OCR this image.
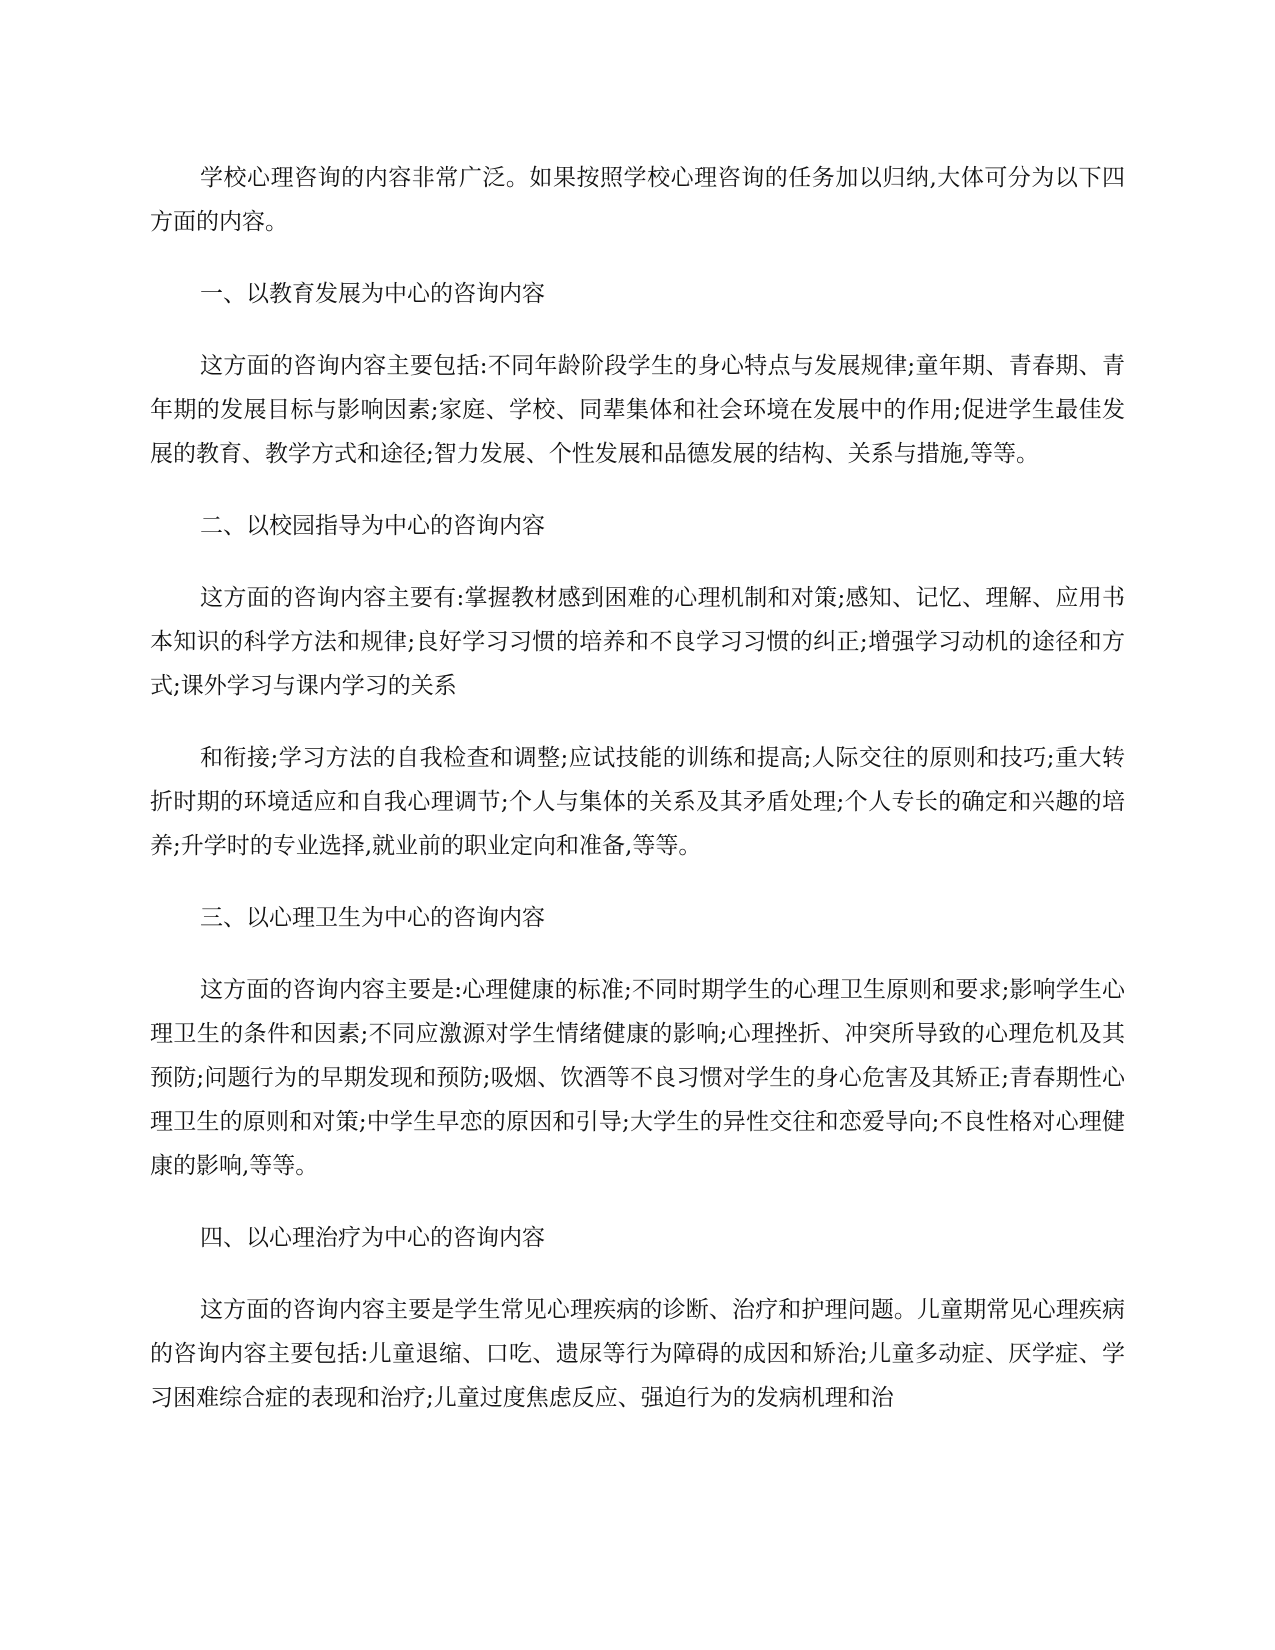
学校心理咨询的内容非常广泛。如果按照学校心理咨询的任务加以归纳,大体可分为以下四方面的内容。

一、以教育发展为中心的咨询内容

这方面的咨询内容主要包括:不同年龄阶段学生的身心特点与发展规律;童年期、青春期、青年期的发展目标与影响因素;家庭、学校、同辈集体和社会环境在发展中的作用;促进学生最佳发展的教育、教学方式和途径;智力发展、个性发展和品德发展的结构、关系与措施,等等。

二、以校园指导为中心的咨询内容

这方面的咨询内容主要有:掌握教材感到困难的心理机制和对策;感知、记忆、理解、应用书本知识的科学方法和规律;良好学习习惯的培养和不良学习习惯的纠正;增强学习动机的途径和方式;课外学习与课内学习的关系

和衔接;学习方法的自我检查和调整;应试技能的训练和提高;人际交往的原则和技巧;重大转折时期的环境适应和自我心理调节;个人与集体的关系及其矛盾处理;个人专长的确定和兴趣的培养;升学时的专业选择,就业前的职业定向和准备,等等。

三、以心理卫生为中心的咨询内容

这方面的咨询内容主要是:心理健康的标准;不同时期学生的心理卫生原则和要求;影响学生心理卫生的条件和因素;不同应激源对学生情绪健康的影响;心理挫折、冲突所导致的心理危机及其预防;问题行为的早期发现和预防;吸烟、饮酒等不良习惯对学生的身心危害及其矫正;青春期性心理卫生的原则和对策;中学生早恋的原因和引导;大学生的异性交往和恋爱导向;不良性格对心理健康的影响,等等。

四、以心理治疗为中心的咨询内容

这方面的咨询内容主要是学生常见心理疾病的诊断、治疗和护理问题。儿童期常见心理疾病的咨询内容主要包括:儿童退缩、口吃、遗尿等行为障碍的成因和矫治;儿童多动症、厌学症、学习困难综合症的表现和治疗;儿童过度焦虑反应、强迫行为的发病机理和治
